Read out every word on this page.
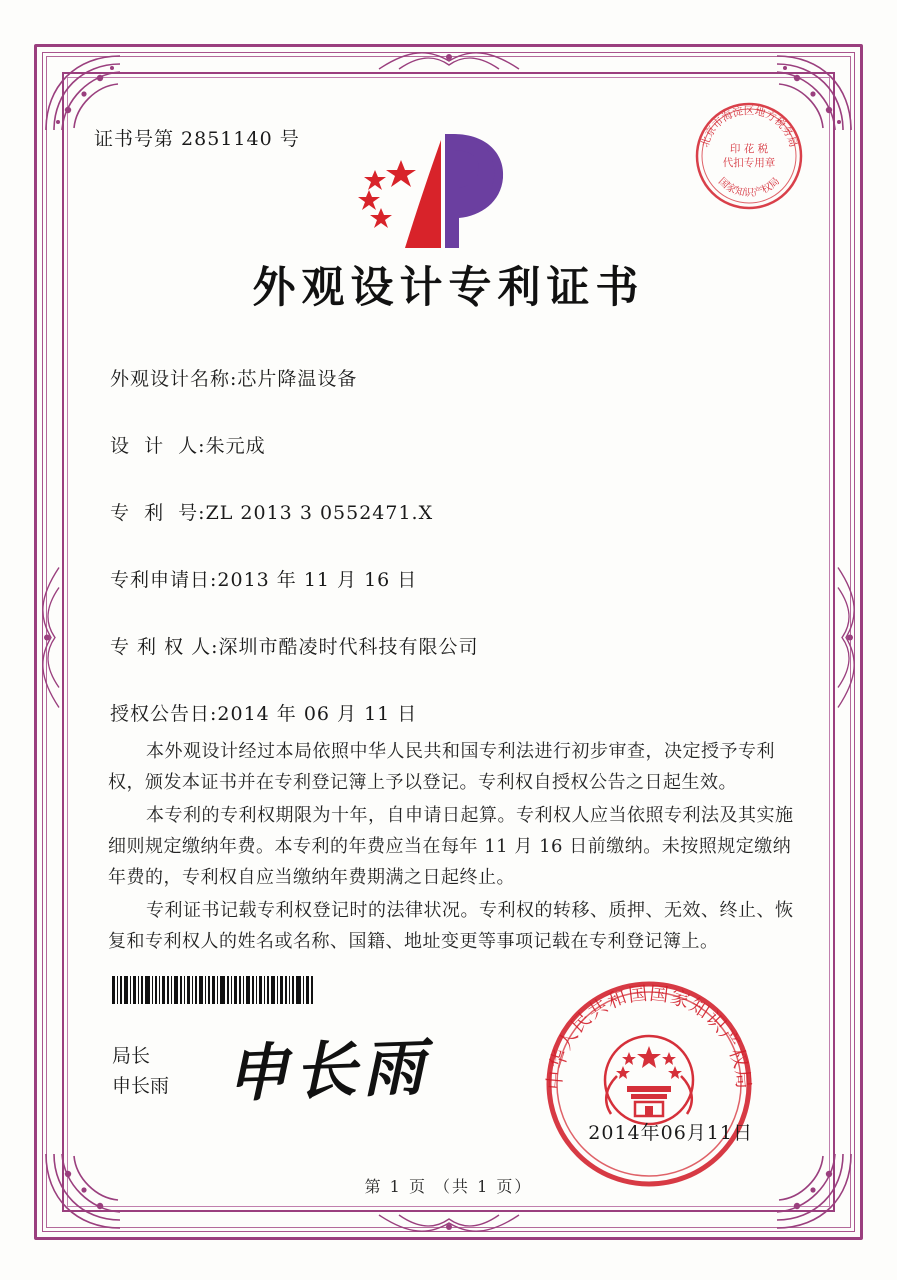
证书号第 2851140 号	北京市海淀区地方税务局
国家知识产权局
印 花 税
代扣专用章
外观设计专利证书
外观设计名称: 芯片降温设备
设  计  人: 朱元成
专  利  号: ZL 2013 3 0552471.X
专利申请日: 2013 年 11 月 16 日
专 利 权 人: 深圳市酷凌时代科技有限公司
授权公告日: 2014 年 06 月 11 日

本外观设计经过本局依照中华人民共和国专利法进行初步审查，决定授予专利权，颁发本证书并在专利登记簿上予以登记。专利权自授权公告之日起生效。

本专利的专利权期限为十年，自申请日起算。专利权人应当依照专利法及其实施细则规定缴纳年费。本专利的年费应当在每年 11 月 16 日前缴纳。未按照规定缴纳年费的，专利权自应当缴纳年费期满之日起终止。

专利证书记载专利权登记时的法律状况。专利权的转移、质押、无效、终止、恢复和专利权人的姓名或名称、国籍、地址变更等事项记载在专利登记簿上。

局长
申长雨 申长雨	中华人民共和国国家知识产权局
2014年06月11日
第 1 页 （共 1 页）
